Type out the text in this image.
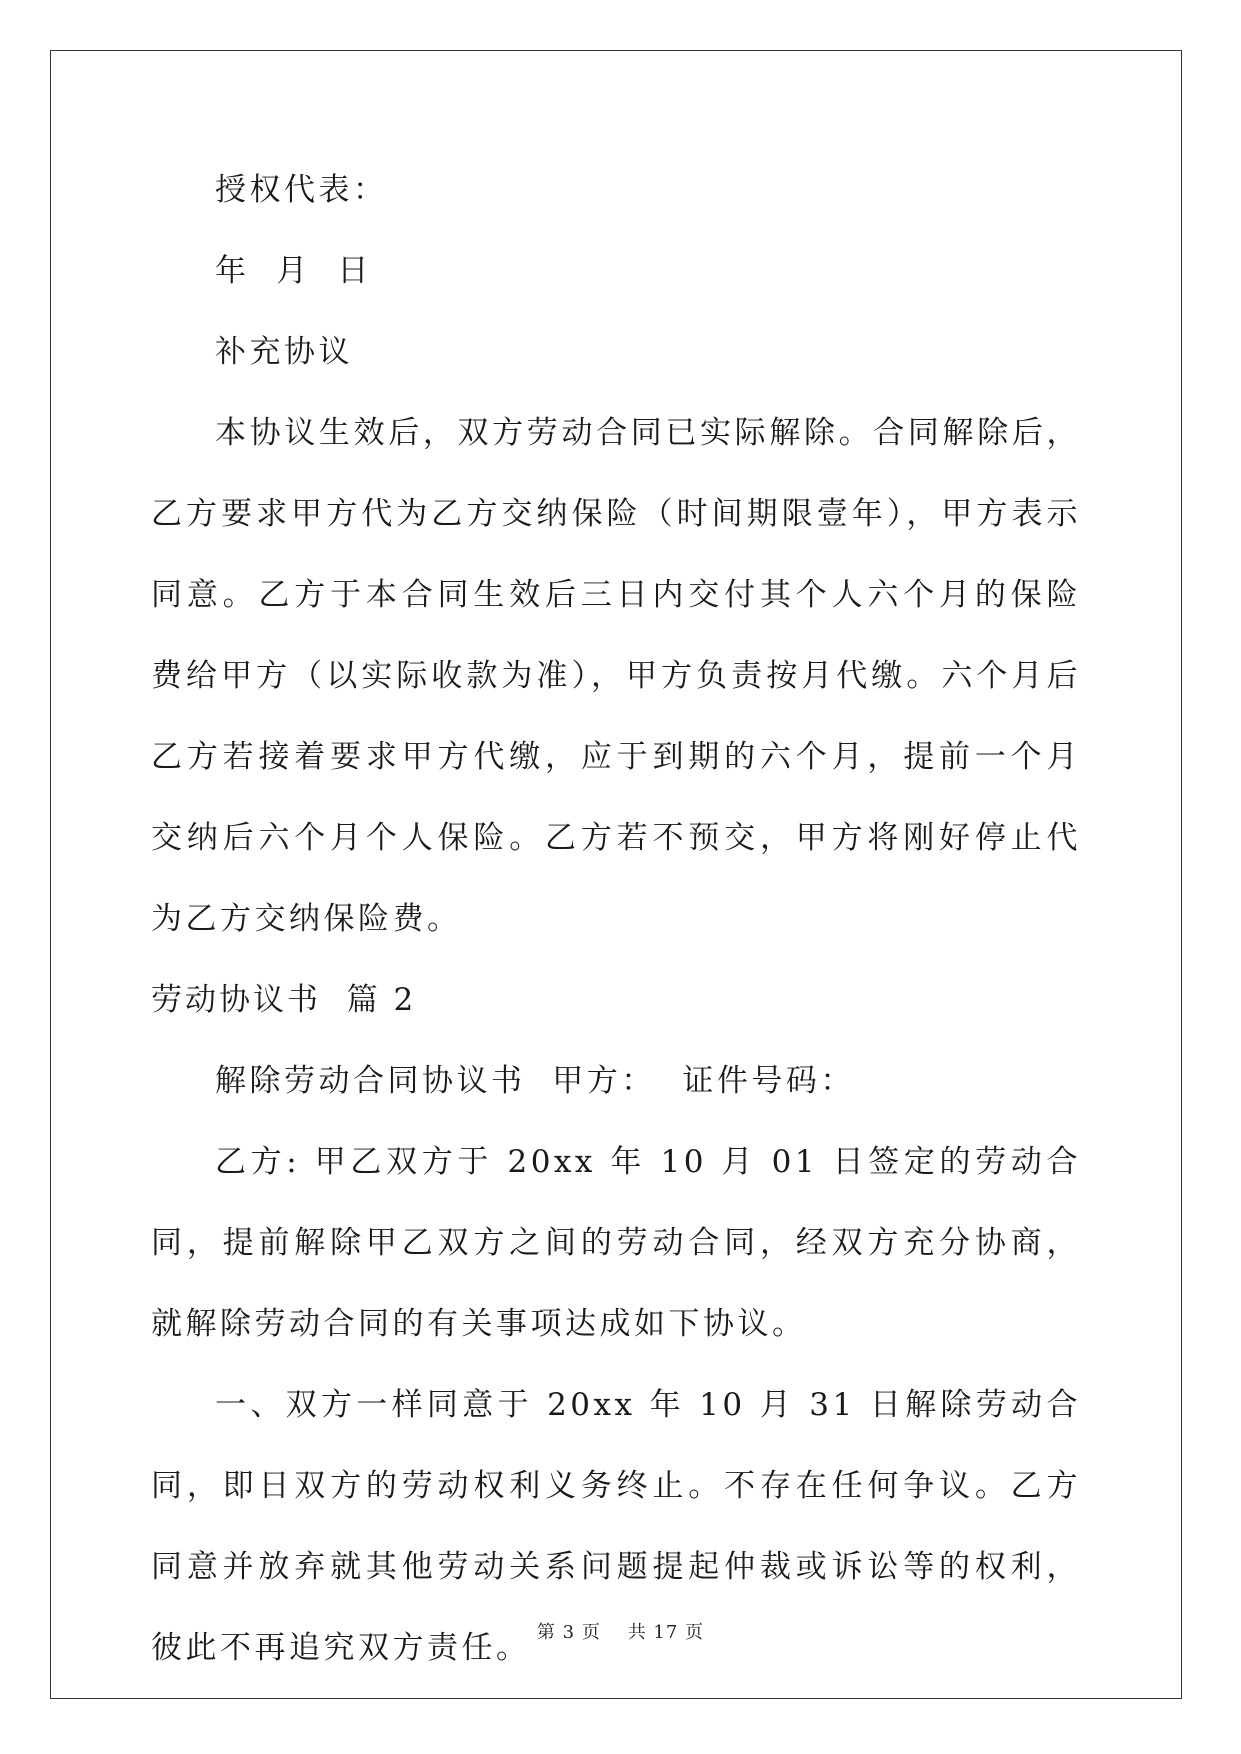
授权代表：

年  月  日

补充协议

本协议生效后，双方劳动合同已实际解除。合同解除后，乙方要求甲方代为乙方交纳保险（时间期限壹年），甲方表示同意。乙方于本合同生效后三日内交付其个人六个月的保险费给甲方（以实际收款为准），甲方负责按月代缴。六个月后乙方若接着要求甲方代缴，应于到期的六个月，提前一个月交纳后六个月个人保险。乙方若不预交，甲方将刚好停止代为乙方交纳保险费。

劳动协议书  篇 2

解除劳动合同协议书  甲方：  证件号码：

乙方: 甲乙双方于 20xx 年 10 月 01 日签定的劳动合同，提前解除甲乙双方之间的劳动合同，经双方充分协商，就解除劳动合同的有关事项达成如下协议。

一、双方一样同意于 20xx 年 10 月 31 日解除劳动合同，即日双方的劳动权利义务终止。不存在任何争议。乙方同意并放弃就其他劳动关系问题提起仲裁或诉讼等的权利，彼此不再追究双方责任。 第 3 页    共 17 页
